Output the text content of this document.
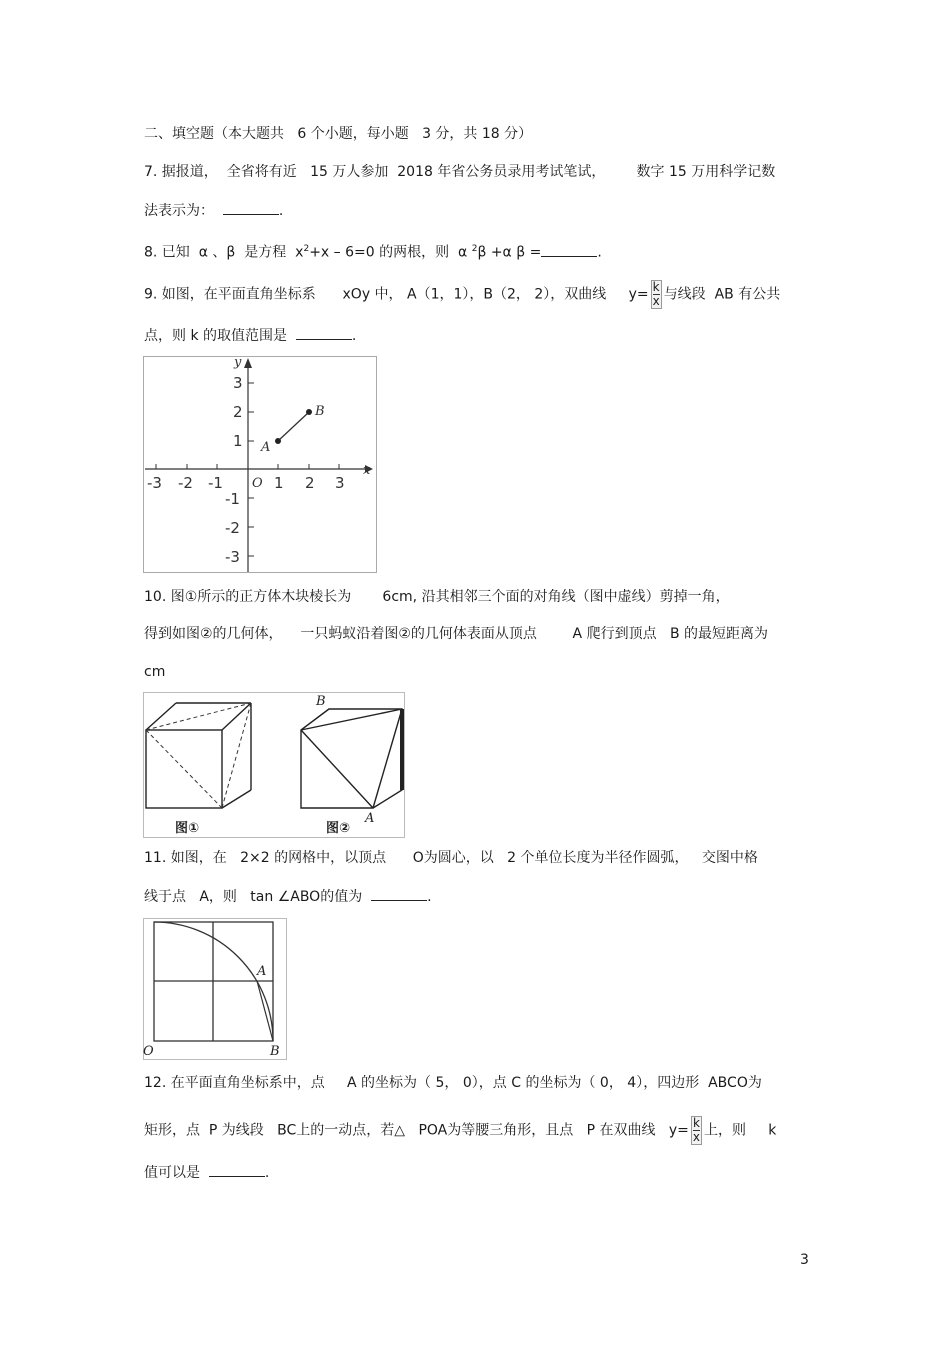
二、填空题（本大题共 6 个小题，每小题 3 分，共 18 分）
7. 据报道， 全省将有近 15 万人参加 2018 年省公务员录用考试笔试， 数字 15 万用科学记数
法表示为：	.
8. 已知 α 、β 是方程 $x^2+x - 6=0$ 的两根，则 α $^2$β +α β =	.
9. 如图，在平面直角坐标系 xOy 中， A（1，1），B（2， 2），双曲线 $y= \frac{k}{x}$ 与线段 AB 有公共
点，则 k 的取值范围是	.
-3 -2 -1	1 2 3
3
2
1
-1
-2
-3
x
y
O
A
B
10. 图①所示的正方体木块棱长为 6cm, 沿其相邻三个面的对角线（图中虚线）剪掉一角，
得到如图②的几何体， 一只蚂蚁沿着图②的几何体表面从顶点	A 爬行到顶点 B 的最短距离为
cm
B
A
图①	图②
11. 如图，在 2×2 的网格中，以顶点 O为圆心，以 2 个单位长度为半径作圆弧， 交图中格
线于点 A，则 tan ∠ABO的值为	.
O
A
B
12. 在平面直角坐标系中，点 A 的坐标为（ 5， 0），点 C 的坐标为（ 0， 4），四边形 ABCO为
矩形，点 P 为线段 BC上的一动点，若△ POA为等腰三角形，且点 P 在双曲线 $y= \frac{k}{x}$ 上，则 k
值可以是	.
3
